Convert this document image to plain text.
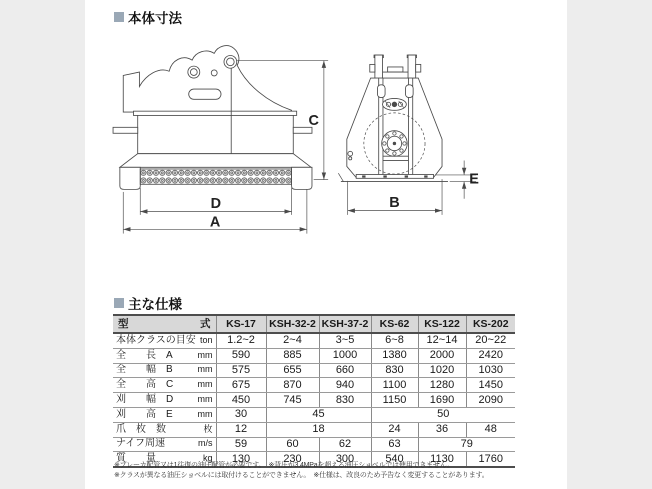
本体寸法
C
D
A
B
E
主な仕様
型 式	KS-17	KSH-32-2	KSH-37-2	KS-62	KS-122	KS-202

本体クラスの目安 ton	1.2~2	2~4	3~5	6~8	12~14	20~22

全　　長　A mm	590	885	1000	1380	2000	2420

全　　幅　B mm	575	655	660	830	1020	1030

全　　高　C mm	675	870	940	1100	1280	1450

刈　　幅　D mm	450	745	830	1150	1690	2090

刈　　高　E mm	30	45		50		

爪　枚　数 枚	12	18		24	36	48

ナイフ周速 m/s	59	60	62	63	79	

質　　量 kg	130	230	300	540	1130	1760
※ブレーカ配管又は1往復の油圧配管が必要です。　※背圧が3.4MPaを超える油圧ショベルでは使用できません。
※クラスが異なる油圧ショベルには取付けることができません。　※仕様は、改良のため予告なく変更することがあります。
